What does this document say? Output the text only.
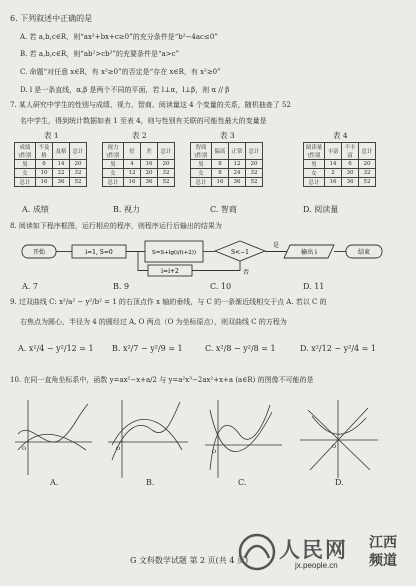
6. 下列叙述中正确的是
A. 若 a,b,c∈R，则“ax²+bx+c≥0”的充分条件是“b²−4ac≤0”
B. 若 a,b,c∈R，则“ab²>cb²”的充要条件是“a>c”
C. 命题“对任意 x∈R，有 x²≥0”的否定是“存在 x∈R，有 x²≥0”
D. l 是一条直线，α,β 是两个不同的平面，若 l⊥α，l⊥β，则 α // β
7. 某人研究中学生的性别与成绩、视力、智商、阅读量这 4 个变量的关系，随机抽查了 52
名中学生，得到统计数据如表 1 至表 4，则与性别有关联的可能性最大的变量是
表 1
成绩\性别	不及格	及格	总计
男	6	14	20
女	10	22	32
总计	16	36	52
表 2
视力\性别	好	差	总计
男	4	16	20
女	12	20	32
总计	16	36	52
表 3
智商\性别	偏高	正常	总计
男	8	12	20
女	8	24	32
总计	16	36	52
表 4
阅读量\性别	丰富	不丰富	总计
男	14	6	20
女	2	30	32
总计	16	36	52
A. 成绩	B. 视力	C. 智商	D. 阅读量
8. 阅读如下程序框图，运行相应的程序，则程序运行后输出的结果为
开始	i=1, S=0	S=S+lg(i/(i+2))	S<−1
是
否
输出 i	结束
i=i+2
A. 7	B. 9	C. 10	D. 11
9. 过双曲线 C: x²/a² − y²/b² = 1 的右顶点作 x 轴的垂线，与 C 的一条渐近线相交于点 A. 若以 C 的
右焦点为圆心，半径为 4 的圆经过 A, O 两点（O 为坐标原点），则双曲线 C 的方程为
A. x²/4 − y²/12 = 1 B. x²/7 − y²/9 = 1	C. x²/8 − y²/8 = 1	D. x²/12 − y²/4 = 1
10. 在同一直角坐标系中，函数 y=ax²−x+a/2 与 y=a²x³−2ax²+x+a (a∈R) 的图像不可能的是
O	O	O
O
A.	B.	C.	D.
G 文科数学试题 第 2 页(共 4 页) 人民网 江西
频道
jx.people.cn
